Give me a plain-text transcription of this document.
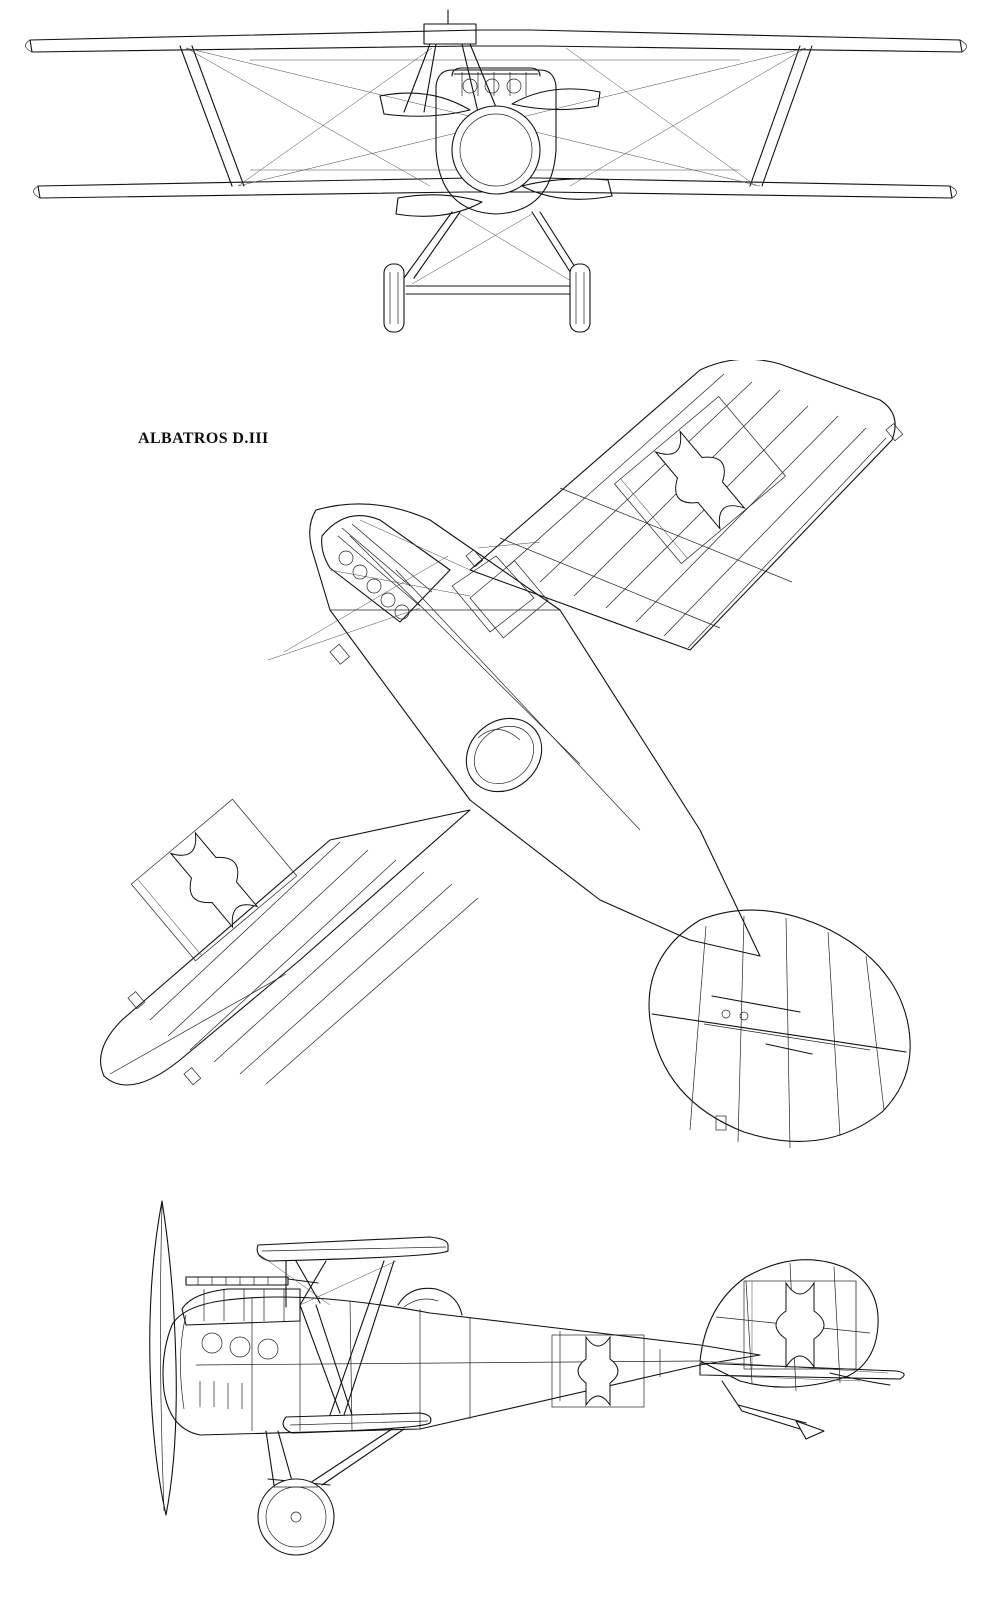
ALBATROS D.III
